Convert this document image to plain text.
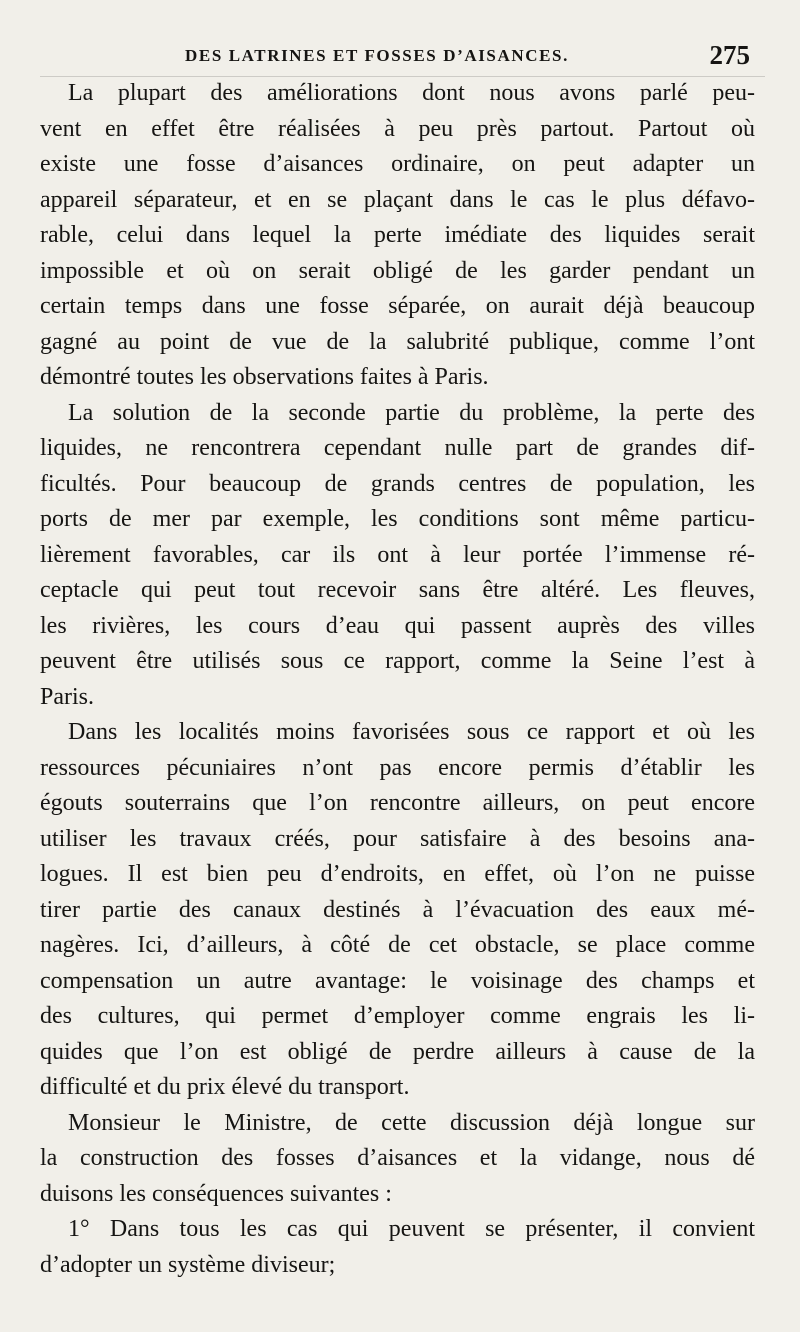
DES LATRINES ET FOSSES D’AISANCES.	275
La plupart des améliorations dont nous avons parlé peu-
vent en effet être réalisées à peu près partout. Partout où
existe une fosse d’aisances ordinaire, on peut adapter un
appareil séparateur, et en se plaçant dans le cas le plus défavo-
rable, celui dans lequel la perte imédiate des liquides serait
impossible et où on serait obligé de les garder pendant un
certain temps dans une fosse séparée, on aurait déjà beaucoup
gagné au point de vue de la salubrité publique, comme l’ont
démontré toutes les observations faites à Paris.
La solution de la seconde partie du problème, la perte des
liquides, ne rencontrera cependant nulle part de grandes dif-
ficultés. Pour beaucoup de grands centres de population, les
ports de mer par exemple, les conditions sont même particu-
lièrement favorables, car ils ont à leur portée l’immense ré-
ceptacle qui peut tout recevoir sans être altéré. Les fleuves,
les rivières, les cours d’eau qui passent auprès des villes
peuvent être utilisés sous ce rapport, comme la Seine l’est à
Paris.
Dans les localités moins favorisées sous ce rapport et où les
ressources pécuniaires n’ont pas encore permis d’établir les
égouts souterrains que l’on rencontre ailleurs, on peut encore
utiliser les travaux créés, pour satisfaire à des besoins ana-
logues. Il est bien peu d’endroits, en effet, où l’on ne puisse
tirer partie des canaux destinés à l’évacuation des eaux mé-
nagères. Ici, d’ailleurs, à côté de cet obstacle, se place comme
compensation un autre avantage: le voisinage des champs et
des cultures, qui permet d’employer comme engrais les li-
quides que l’on est obligé de perdre ailleurs à cause de la
difficulté et du prix élevé du transport.
Monsieur le Ministre, de cette discussion déjà longue sur
la construction des fosses d’aisances et la vidange, nous dé
duisons les conséquences suivantes :
1° Dans tous les cas qui peuvent se présenter, il convient
d’adopter un système diviseur;
